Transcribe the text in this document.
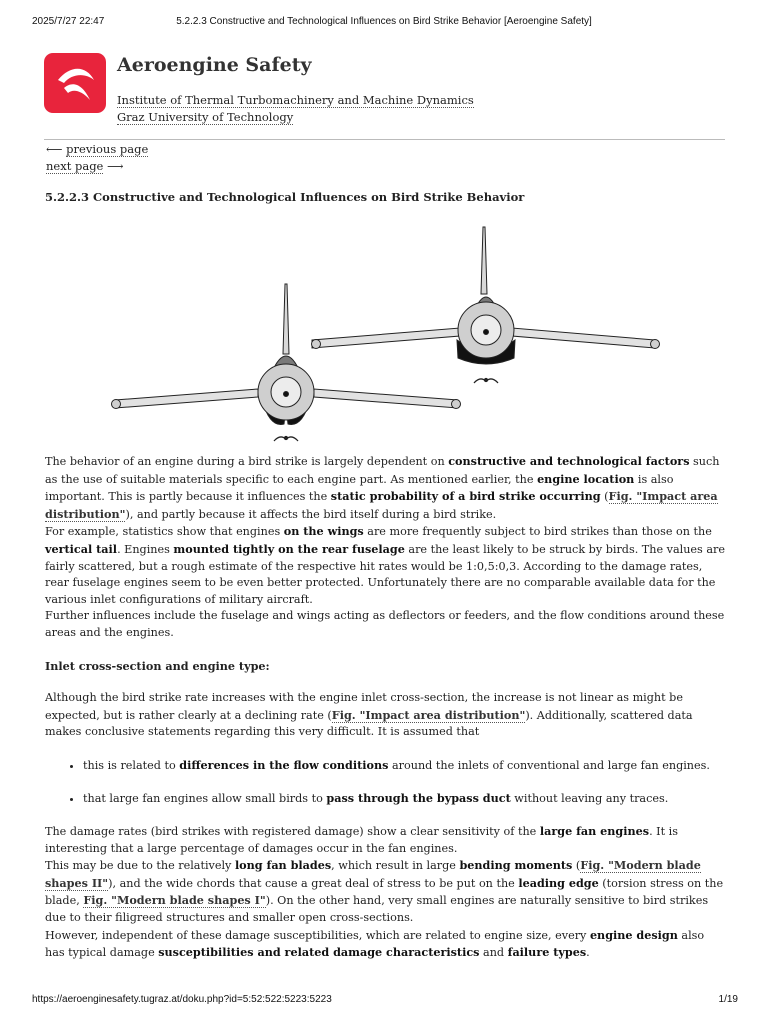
2025/7/27 22:47	5.2.2.3 Constructive and Technological Influences on Bird Strike Behavior [Aeroengine Safety]
Aeroengine Safety
Institute of Thermal Turbomachinery and Machine Dynamics
Graz University of Technology
⟵ previous page
next page ⟶
5.2.2.3 Constructive and Technological Influences on Bird Strike Behavior

The behavior of an engine during a bird strike is largely dependent on constructive and technological factors such as the use of suitable materials specific to each engine part. As mentioned earlier, the engine location is also important. This is partly because it influences the static probability of a bird strike occurring (Fig. "Impact area distribution"), and partly because it affects the bird itself during a bird strike.

For example, statistics show that engines on the wings are more frequently subject to bird strikes than those on the vertical tail. Engines mounted tightly on the rear fuselage are the least likely to be struck by birds. The values are fairly scattered, but a rough estimate of the respective hit rates would be 1:0,5:0,3. According to the damage rates, rear fuselage engines seem to be even better protected. Unfortunately there are no comparable available data for the various inlet configurations of military aircraft.

Further influences include the fuselage and wings acting as deflectors or feeders, and the flow conditions around these areas and the engines.

Inlet cross-section and engine type:

Although the bird strike rate increases with the engine inlet cross-section, the increase is not linear as might be expected, but is rather clearly at a declining rate (Fig. "Impact area distribution"). Additionally, scattered data makes conclusive statements regarding this very difficult. It is assumed that

• this is related to differences in the flow conditions around the inlets of conventional and large fan engines.
• that large fan engines allow small birds to pass through the bypass duct without leaving any traces.

The damage rates (bird strikes with registered damage) show a clear sensitivity of the large fan engines. It is interesting that a large percentage of damages occur in the fan engines.

This may be due to the relatively long fan blades, which result in large bending moments (Fig. "Modern blade shapes II"), and the wide chords that cause a great deal of stress to be put on the leading edge (torsion stress on the blade, Fig. "Modern blade shapes I"). On the other hand, very small engines are naturally sensitive to bird strikes due to their filigreed structures and smaller open cross-sections.

However, independent of these damage susceptibilities, which are related to engine size, every engine design also has typical damage susceptibilities and related damage characteristics and failure types.

https://aeroenginesafety.tugraz.at/doku.php?id=5:52:522:5223:5223	1/19
